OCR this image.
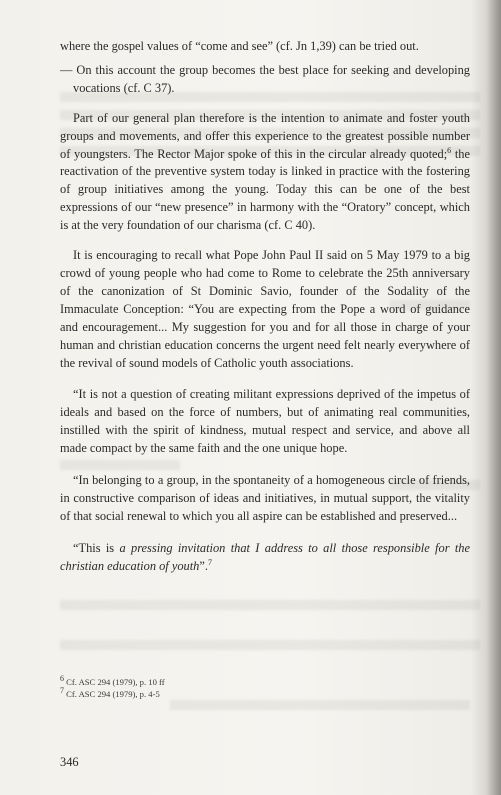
where the gospel values of “come and see” (cf. Jn 1,39) can be tried out.

— On this account the group becomes the best place for seeking and developing vocations (cf. C 37).

Part of our general plan therefore is the intention to animate and foster youth groups and movements, and offer this experience to the greatest possible number of youngsters. The Rector Major spoke of this in the circular already quoted;$^6$ the reactivation of the preventive system today is linked in practice with the fostering of group initiatives among the young. Today this can be one of the best expressions of our “new presence” in harmony with the “Oratory” concept, which is at the very foundation of our charisma (cf. C 40).

It is encouraging to recall what Pope John Paul II said on 5 May 1979 to a big crowd of young people who had come to Rome to celebrate the 25th anniversary of the canonization of St Dominic Savio, founder of the Sodality of the Immaculate Conception: “You are expecting from the Pope a word of guidance and encouragement... My suggestion for you and for all those in charge of your human and christian education concerns the urgent need felt nearly everywhere of the revival of sound models of Catholic youth associations.

“It is not a question of creating militant expressions deprived of the impetus of ideals and based on the force of numbers, but of animating real communities, instilled with the spirit of kindness, mutual respect and service, and above all made compact by the same faith and the one unique hope.

“In belonging to a group, in the spontaneity of a homogeneous circle of friends, in constructive comparison of ideas and initiatives, in mutual support, the vitality of that social renewal to which you all aspire can be established and preserved...

“This is a pressing invitation that I address to all those responsible for the christian education of youth”.$^7$

$^6$ Cf. ASC 294 (1979), p. 10 ff
$^7$ Cf. ASC 294 (1979), p. 4-5
346
